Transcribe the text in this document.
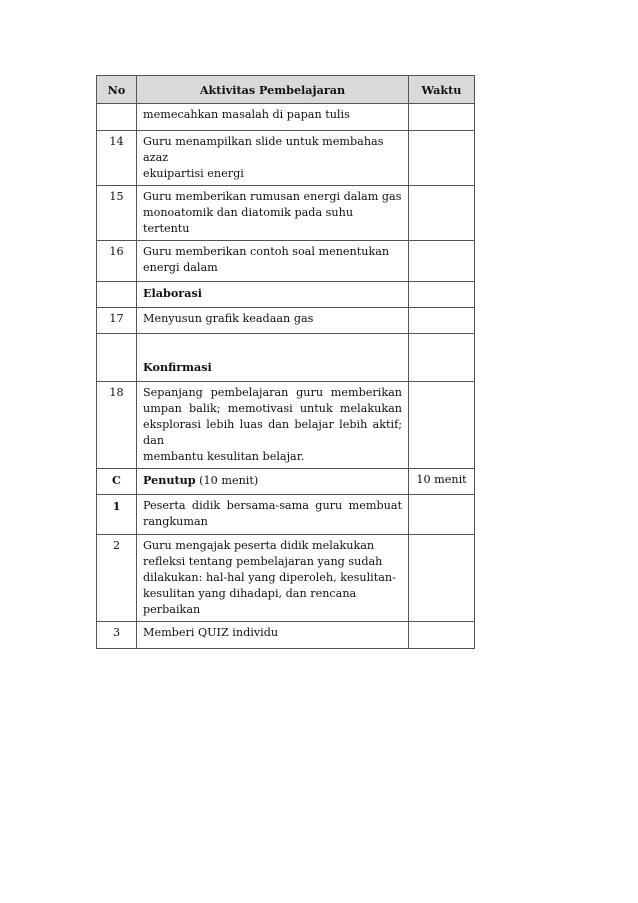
No	Aktivitas Pembelajaran	Waktu

	memecahkan masalah di papan tulis	

14	Guru menampilkan slide untuk membahas azaz
ekuipartisi energi	

15	Guru memberikan rumusan energi dalam gas
monoatomik dan diatomik pada suhu tertentu	

16	Guru memberikan contoh soal menentukan
energi dalam	

	Elaborasi	
17	Menyusun grafik keadaan gas	

	Konfirmasi	
18	Sepanjang pembelajaran guru memberikan
umpan balik; memotivasi untuk melakukan
eksplorasi lebih luas dan belajar lebih aktif; dan
membantu kesulitan belajar.	

C	Penutup (10 menit)	10 menit
1	Peserta didik bersama-sama guru membuat
rangkuman	

2	Guru mengajak peserta didik melakukan
refleksi tentang pembelajaran yang sudah
dilakukan: hal-hal yang diperoleh, kesulitan-
kesulitan yang dihadapi, dan rencana perbaikan	

3	Memberi QUIZ individu	
